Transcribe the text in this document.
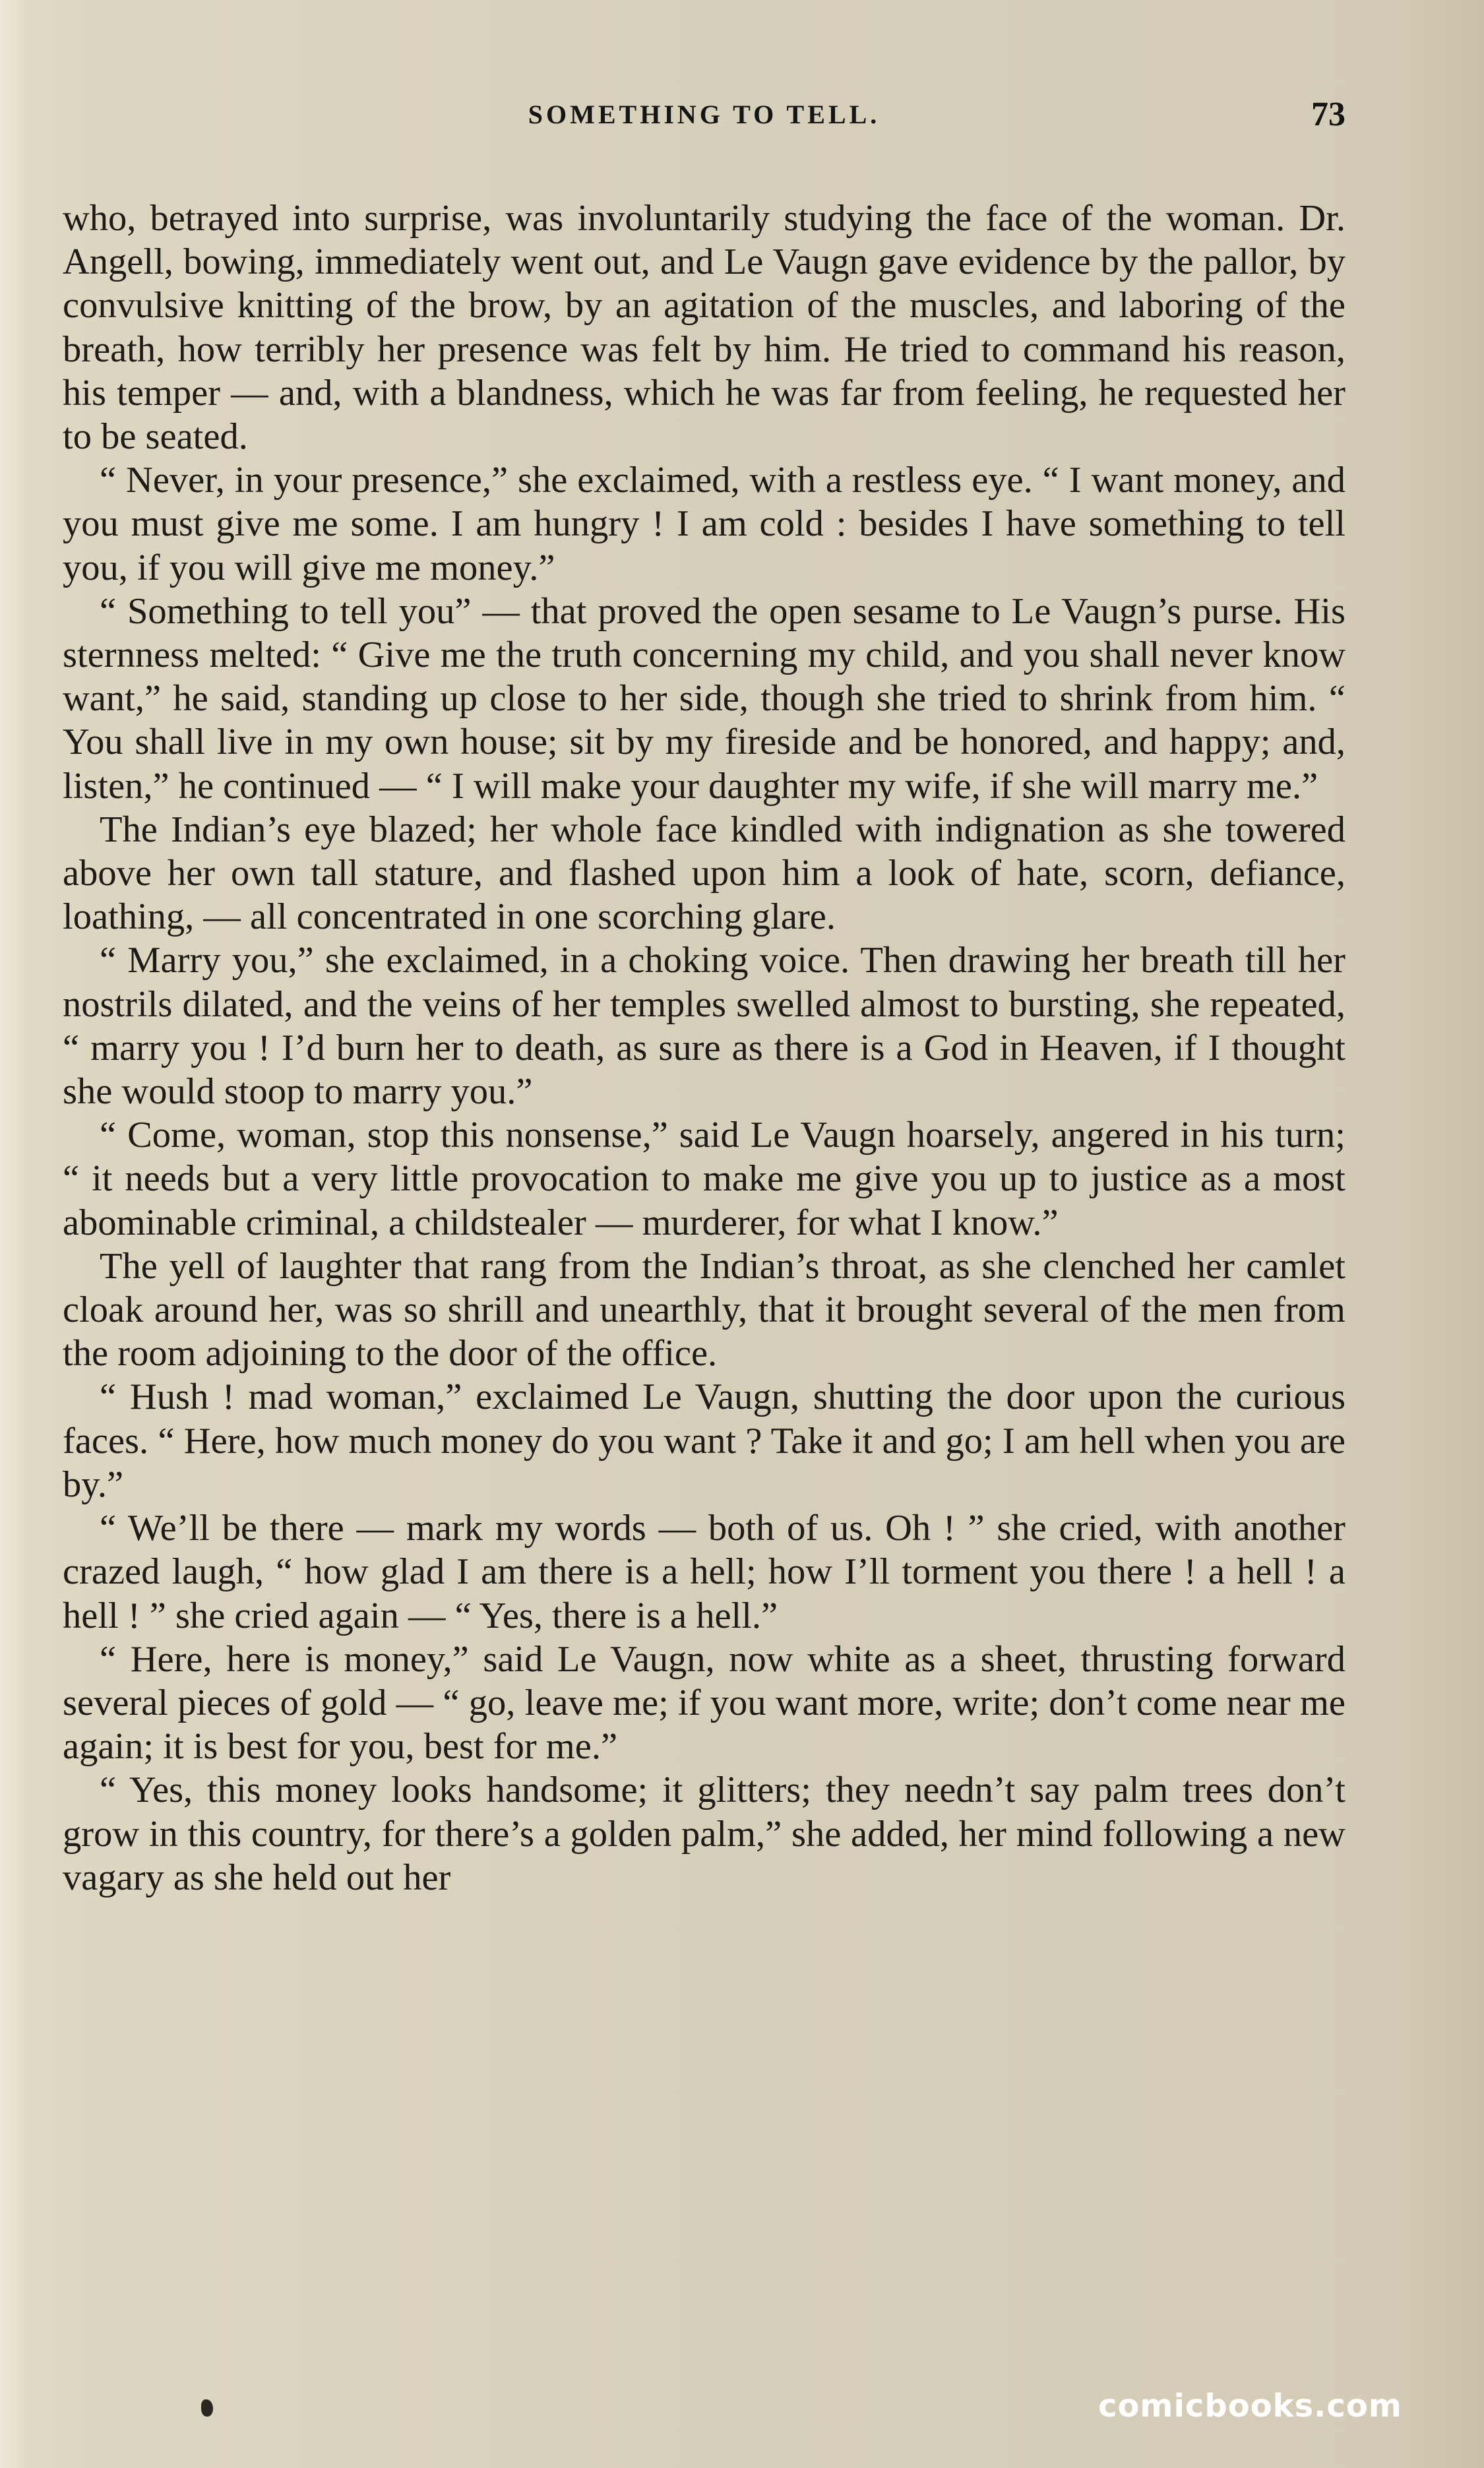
SOMETHING TO TELL.	73

who, betrayed into surprise, was involuntarily studying the face of the woman. Dr. Angell, bowing, immediately went out, and Le Vaugn gave evidence by the pallor, by convulsive knitting of the brow, by an agitation of the muscles, and laboring of the breath, how terribly her presence was felt by him. He tried to command his reason, his temper — and, with a blandness, which he was far from feeling, he requested her to be seated.

“ Never, in your presence,” she exclaimed, with a restless eye. “ I want money, and you must give me some. I am hungry ! I am cold : besides I have something to tell you, if you will give me money.”

“ Something to tell you” — that proved the open sesame to Le Vaugn’s purse. His sternness melted: “ Give me the truth concerning my child, and you shall never know want,” he said, standing up close to her side, though she tried to shrink from him. “ You shall live in my own house; sit by my fireside and be honored, and happy; and, listen,” he continued — “ I will make your daughter my wife, if she will marry me.”

The Indian’s eye blazed; her whole face kindled with indignation as she towered above her own tall stature, and flashed upon him a look of hate, scorn, defiance, loathing, — all concentrated in one scorching glare.

“ Marry you,” she exclaimed, in a choking voice. Then drawing her breath till her nostrils dilated, and the veins of her temples swelled almost to bursting, she repeated, “ marry you ! I’d burn her to death, as sure as there is a God in Heaven, if I thought she would stoop to marry you.”

“ Come, woman, stop this nonsense,” said Le Vaugn hoarsely, angered in his turn; “ it needs but a very little provocation to make me give you up to justice as a most abominable criminal, a childstealer — murderer, for what I know.”

The yell of laughter that rang from the Indian’s throat, as she clenched her camlet cloak around her, was so shrill and unearthly, that it brought several of the men from the room adjoining to the door of the office.

“ Hush ! mad woman,” exclaimed Le Vaugn, shutting the door upon the curious faces. “ Here, how much money do you want ? Take it and go; I am hell when you are by.”

“ We’ll be there — mark my words — both of us. Oh ! ” she cried, with another crazed laugh, “ how glad I am there is a hell; how I’ll torment you there ! a hell ! a hell ! ” she cried again — “ Yes, there is a hell.”

“ Here, here is money,” said Le Vaugn, now white as a sheet, thrusting forward several pieces of gold — “ go, leave me; if you want more, write; don’t come near me again; it is best for you, best for me.”

“ Yes, this money looks handsome; it glitters; they needn’t say palm trees don’t grow in this country, for there’s a golden palm,” she added, her mind following a new vagary as she held out her

comicbooks.com
